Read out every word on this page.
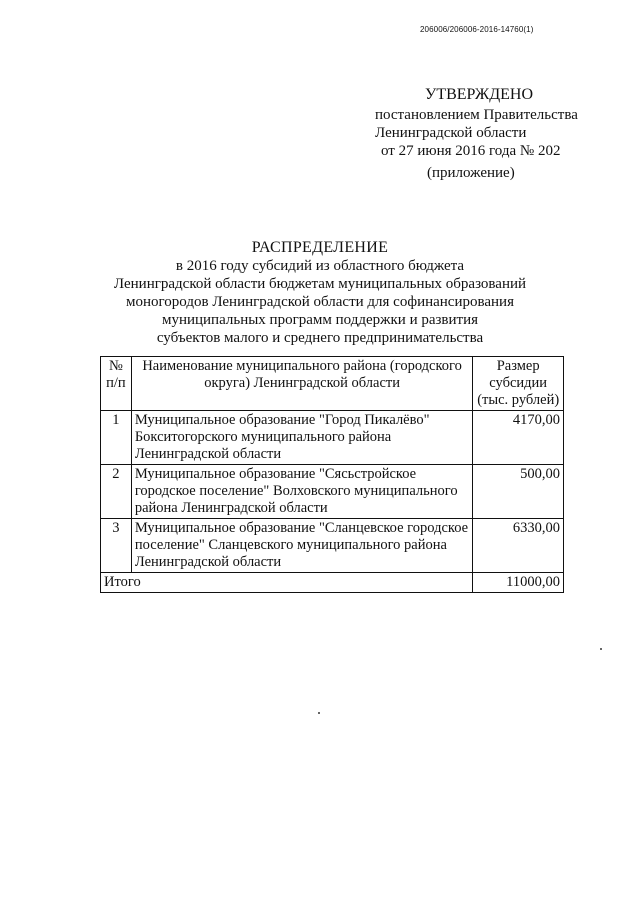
206006/206006-2016-14760(1)
УТВЕРЖДЕНО
постановлением Правительства
Ленинградской области
от 27 июня 2016 года № 202
(приложение)
РАСПРЕДЕЛЕНИЕ
в 2016 году субсидий из областного бюджета
Ленинградской области бюджетам муниципальных образований
моногородов Ленинградской области для софинансирования
муниципальных программ поддержки и развития
субъектов малого и среднего предпринимательства
№ п/п	Наименование муниципального района (городского округа) Ленинградской области	Размер субсидии (тыс. рублей)
1	Муниципальное образование "Город Пикалёво" Бокситогорского муниципального района Ленинградской области	4170,00
2	Муниципальное образование "Сясьстройское городское поселение" Волховского муниципального района Ленинградской области	500,00
3	Муниципальное образование "Сланцевское городское поселение" Сланцевского муниципального района Ленинградской области	6330,00
Итого		11000,00
